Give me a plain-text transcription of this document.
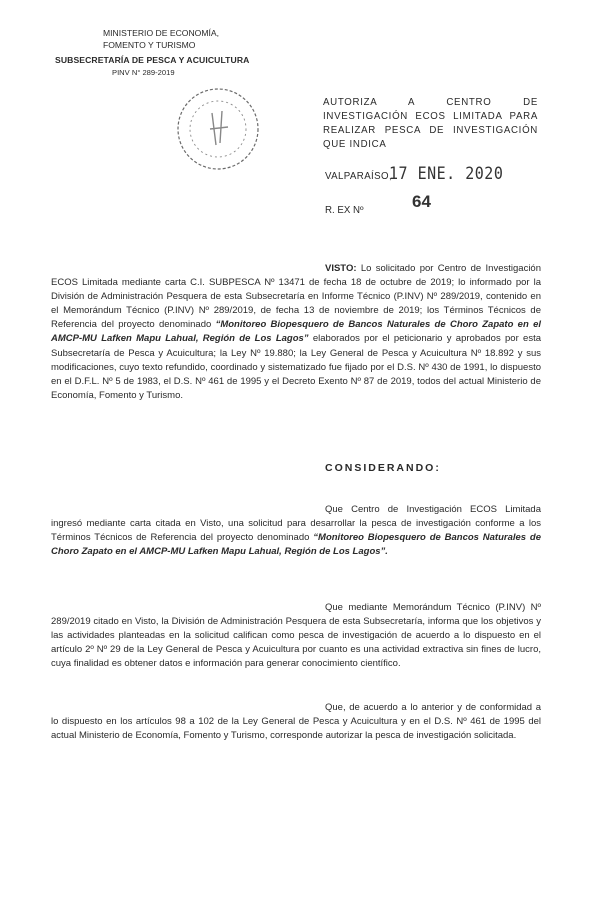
MINISTERIO DE ECONOMÍA,
FOMENTO Y TURISMO
SUBSECRETARÍA DE PESCA Y ACUICULTURA
PINV N° 289-2019
AUTORIZA A CENTRO DE INVESTIGACIÓN ECOS LIMITADA PARA REALIZAR PESCA DE INVESTIGACIÓN QUE INDICA
VALPARAÍSO,
17 ENE. 2020
R. EX Nº	64
VISTO: Lo solicitado por Centro de Investigación ECOS Limitada mediante carta C.I. SUBPESCA Nº 13471 de fecha 18 de octubre de 2019; lo informado por la División de Administración Pesquera de esta Subsecretaría en Informe Técnico (P.INV) Nº 289/2019, contenido en el Memorándum Técnico (P.INV) Nº 289/2019, de fecha 13 de noviembre de 2019; los Términos Técnicos de Referencia del proyecto denominado “Monitoreo Biopesquero de Bancos Naturales de Choro Zapato en el AMCP-MU Lafken Mapu Lahual, Región de Los Lagos” elaborados por el peticionario y aprobados por esta Subsecretaría de Pesca y Acuicultura; la Ley Nº 19.880; la Ley General de Pesca y Acuicultura Nº 18.892 y sus modificaciones, cuyo texto refundido, coordinado y sistematizado fue fijado por el D.S. Nº 430 de 1991, lo dispuesto en el D.F.L. Nº 5 de 1983, el D.S. Nº 461 de 1995 y el Decreto Exento Nº 87 de 2019, todos del actual Ministerio de Economía, Fomento y Turismo.
CONSIDERANDO:
Que Centro de Investigación ECOS Limitada ingresó mediante carta citada en Visto, una solicitud para desarrollar la pesca de investigación conforme a los Términos Técnicos de Referencia del proyecto denominado “Monitoreo Biopesquero de Bancos Naturales de Choro Zapato en el AMCP-MU Lafken Mapu Lahual, Región de Los Lagos”.
Que mediante Memorándum Técnico (P.INV) Nº 289/2019 citado en Visto, la División de Administración Pesquera de esta Subsecretaría, informa que los objetivos y las actividades planteadas en la solicitud califican como pesca de investigación de acuerdo a lo dispuesto en el artículo 2º Nº 29 de la Ley General de Pesca y Acuicultura por cuanto es una actividad extractiva sin fines de lucro, cuya finalidad es obtener datos e información para generar conocimiento científico.
Que, de acuerdo a lo anterior y de conformidad a lo dispuesto en los artículos 98 a 102 de la Ley General de Pesca y Acuicultura y en el D.S. Nº 461 de 1995 del actual Ministerio de Economía, Fomento y Turismo, corresponde autorizar la pesca de investigación solicitada.
